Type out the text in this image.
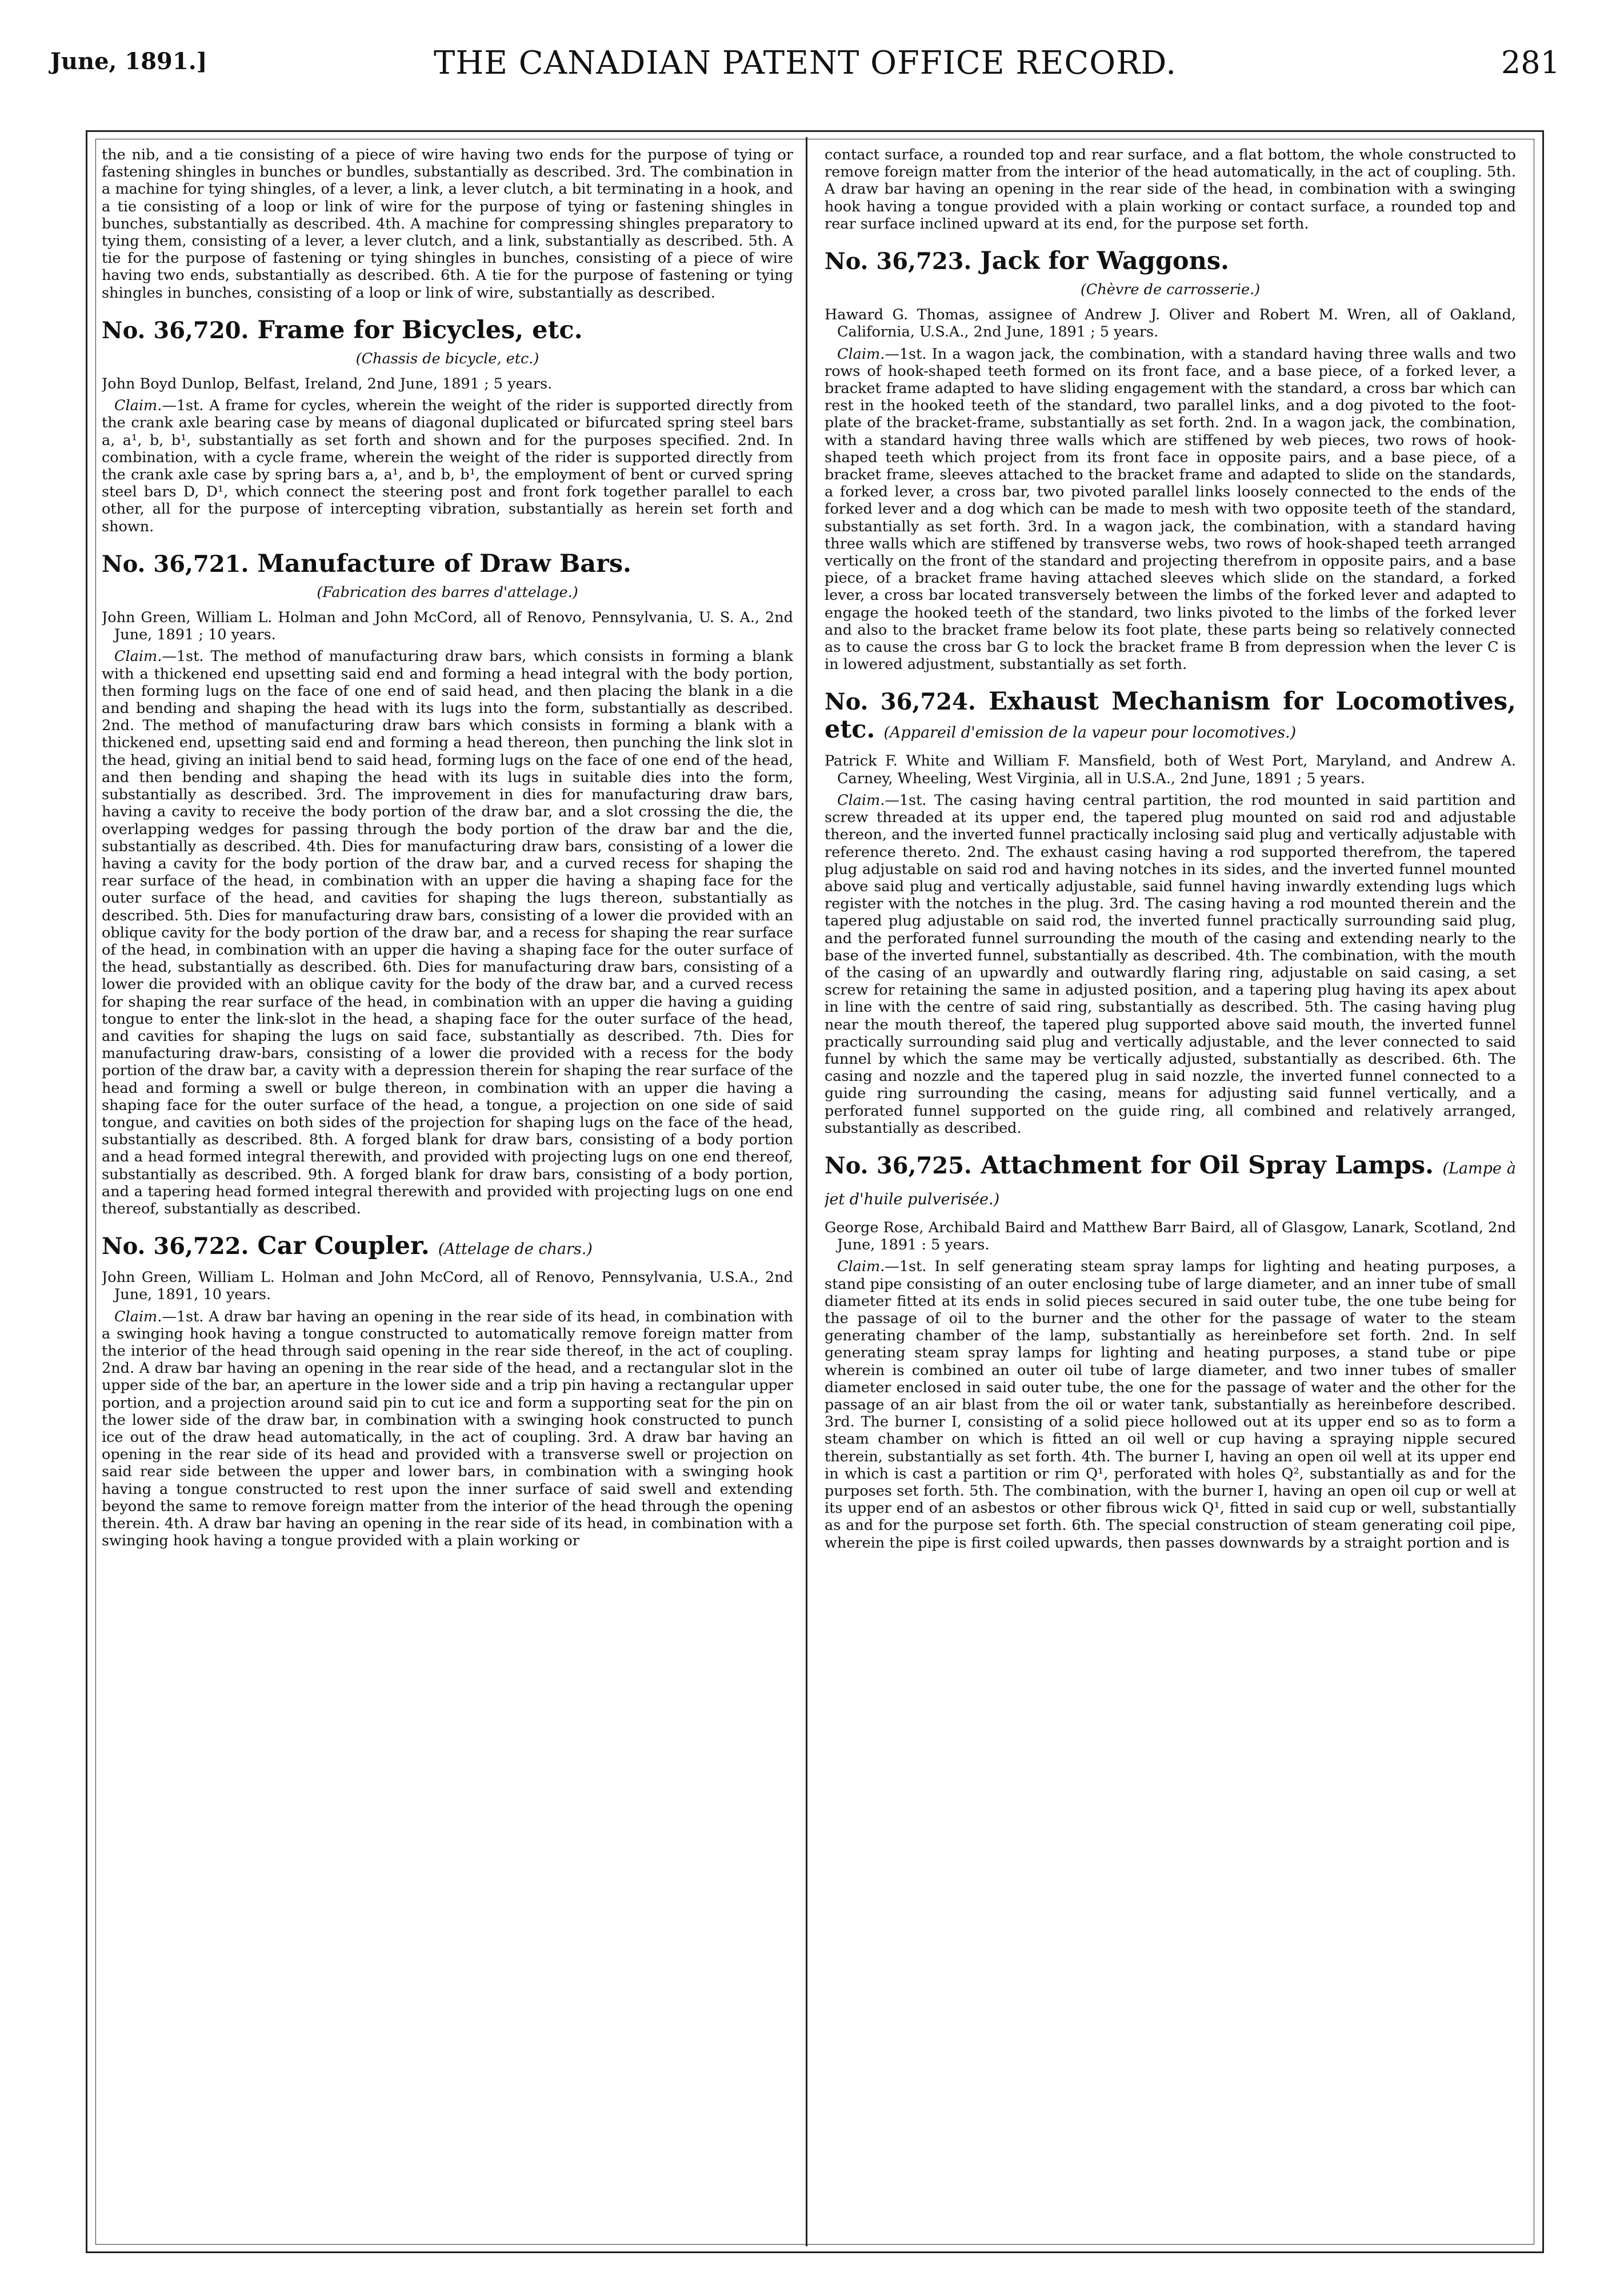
June, 1891.]	THE CANADIAN PATENT OFFICE RECORD.	281

the nib, and a tie consisting of a piece of wire having two ends for the purpose of tying or fastening shingles in bunches or bundles, substantially as described. 3rd. The combination in a machine for tying shingles, of a lever, a link, a lever clutch, a bit terminating in a hook, and a tie consisting of a loop or link of wire for the purpose of tying or fastening shingles in bunches, substantially as described. 4th. A machine for compressing shingles preparatory to tying them, consisting of a lever, a lever clutch, and a link, substantially as described. 5th. A tie for the purpose of fastening or tying shingles in bunches, consisting of a piece of wire having two ends, substantially as described. 6th. A tie for the purpose of fastening or tying shingles in bunches, consisting of a loop or link of wire, substantially as described.

No. 36,720. Frame for Bicycles, etc.
(Chassis de bicycle, etc.)

John Boyd Dunlop, Belfast, Ireland, 2nd June, 1891 ; 5 years.

Claim.—1st. A frame for cycles, wherein the weight of the rider is supported directly from the crank axle bearing case by means of diagonal duplicated or bifurcated spring steel bars a, a¹, b, b¹, substantially as set forth and shown and for the purposes specified. 2nd. In combination, with a cycle frame, wherein the weight of the rider is supported directly from the crank axle case by spring bars a, a¹, and b, b¹, the employment of bent or curved spring steel bars D, D¹, which connect the steering post and front fork together parallel to each other, all for the purpose of intercepting vibration, substantially as herein set forth and shown.

No. 36,721. Manufacture of Draw Bars.
(Fabrication des barres d'attelage.)

John Green, William L. Holman and John McCord, all of Renovo, Pennsylvania, U. S. A., 2nd June, 1891 ; 10 years.

Claim.—1st. The method of manufacturing draw bars, which consists in forming a blank with a thickened end upsetting said end and forming a head integral with the body portion, then forming lugs on the face of one end of said head, and then placing the blank in a die and bending and shaping the head with its lugs into the form, substantially as described. 2nd. The method of manufacturing draw bars which consists in forming a blank with a thickened end, upsetting said end and forming a head thereon, then punching the link slot in the head, giving an initial bend to said head, forming lugs on the face of one end of the head, and then bending and shaping the head with its lugs in suitable dies into the form, substantially as described. 3rd. The improvement in dies for manufacturing draw bars, having a cavity to receive the body portion of the draw bar, and a slot crossing the die, the overlapping wedges for passing through the body portion of the draw bar and the die, substantially as described. 4th. Dies for manufacturing draw bars, consisting of a lower die having a cavity for the body portion of the draw bar, and a curved recess for shaping the rear surface of the head, in combination with an upper die having a shaping face for the outer surface of the head, and cavities for shaping the lugs thereon, substantially as described. 5th. Dies for manufacturing draw bars, consisting of a lower die provided with an oblique cavity for the body portion of the draw bar, and a recess for shaping the rear surface of the head, in combination with an upper die having a shaping face for the outer surface of the head, substantially as described. 6th. Dies for manufacturing draw bars, consisting of a lower die provided with an oblique cavity for the body of the draw bar, and a curved recess for shaping the rear surface of the head, in combination with an upper die having a guiding tongue to enter the link-slot in the head, a shaping face for the outer surface of the head, and cavities for shaping the lugs on said face, substantially as described. 7th. Dies for manufacturing draw-bars, consisting of a lower die provided with a recess for the body portion of the draw bar, a cavity with a depression therein for shaping the rear surface of the head and forming a swell or bulge thereon, in combination with an upper die having a shaping face for the outer surface of the head, a tongue, a projection on one side of said tongue, and cavities on both sides of the projection for shaping lugs on the face of the head, substantially as described. 8th. A forged blank for draw bars, consisting of a body portion and a head formed integral therewith, and provided with projecting lugs on one end thereof, substantially as described. 9th. A forged blank for draw bars, consisting of a body portion, and a tapering head formed integral therewith and provided with projecting lugs on one end thereof, substantially as described.

No. 36,722. Car Coupler. (Attelage de chars.)

John Green, William L. Holman and John McCord, all of Renovo, Pennsylvania, U.S.A., 2nd June, 1891, 10 years.

Claim.—1st. A draw bar having an opening in the rear side of its head, in combination with a swinging hook having a tongue constructed to automatically remove foreign matter from the interior of the head through said opening in the rear side thereof, in the act of coupling. 2nd. A draw bar having an opening in the rear side of the head, and a rectangular slot in the upper side of the bar, an aperture in the lower side and a trip pin having a rectangular upper portion, and a projection around said pin to cut ice and form a supporting seat for the pin on the lower side of the draw bar, in combination with a swinging hook constructed to punch ice out of the draw head automatically, in the act of coupling. 3rd. A draw bar having an opening in the rear side of its head and provided with a transverse swell or projection on said rear side between the upper and lower bars, in combination with a swinging hook having a tongue constructed to rest upon the inner surface of said swell and extending beyond the same to remove foreign matter from the interior of the head through the opening therein. 4th. A draw bar having an opening in the rear side of its head, in combination with a swinging hook having a tongue provided with a plain working or

contact surface, a rounded top and rear surface, and a flat bottom, the whole constructed to remove foreign matter from the interior of the head automatically, in the act of coupling. 5th. A draw bar having an opening in the rear side of the head, in combination with a swinging hook having a tongue provided with a plain working or contact surface, a rounded top and rear surface inclined upward at its end, for the purpose set forth.

No. 36,723. Jack for Waggons.
(Chèvre de carrosserie.)

Haward G. Thomas, assignee of Andrew J. Oliver and Robert M. Wren, all of Oakland, California, U.S.A., 2nd June, 1891 ; 5 years.

Claim.—1st. In a wagon jack, the combination, with a standard having three walls and two rows of hook-shaped teeth formed on its front face, and a base piece, of a forked lever, a bracket frame adapted to have sliding engagement with the standard, a cross bar which can rest in the hooked teeth of the standard, two parallel links, and a dog pivoted to the foot-plate of the bracket-frame, substantially as set forth. 2nd. In a wagon jack, the combination, with a standard having three walls which are stiffened by web pieces, two rows of hook-shaped teeth which project from its front face in opposite pairs, and a base piece, of a bracket frame, sleeves attached to the bracket frame and adapted to slide on the standards, a forked lever, a cross bar, two pivoted parallel links loosely connected to the ends of the forked lever and a dog which can be made to mesh with two opposite teeth of the standard, substantially as set forth. 3rd. In a wagon jack, the combination, with a standard having three walls which are stiffened by transverse webs, two rows of hook-shaped teeth arranged vertically on the front of the standard and projecting therefrom in opposite pairs, and a base piece, of a bracket frame having attached sleeves which slide on the standard, a forked lever, a cross bar located transversely between the limbs of the forked lever and adapted to engage the hooked teeth of the standard, two links pivoted to the limbs of the forked lever and also to the bracket frame below its foot plate, these parts being so relatively connected as to cause the cross bar G to lock the bracket frame B from depression when the lever C is in lowered adjustment, substantially as set forth.

No. 36,724. Exhaust Mechanism for Locomotives, etc. (Appareil d'emission de la vapeur pour locomotives.)

Patrick F. White and William F. Mansfield, both of West Port, Maryland, and Andrew A. Carney, Wheeling, West Virginia, all in U.S.A., 2nd June, 1891 ; 5 years.

Claim.—1st. The casing having central partition, the rod mounted in said partition and screw threaded at its upper end, the tapered plug mounted on said rod and adjustable thereon, and the inverted funnel practically inclosing said plug and vertically adjustable with reference thereto. 2nd. The exhaust casing having a rod supported therefrom, the tapered plug adjustable on said rod and having notches in its sides, and the inverted funnel mounted above said plug and vertically adjustable, said funnel having inwardly extending lugs which register with the notches in the plug. 3rd. The casing having a rod mounted therein and the tapered plug adjustable on said rod, the inverted funnel practically surrounding said plug, and the perforated funnel surrounding the mouth of the casing and extending nearly to the base of the inverted funnel, substantially as described. 4th. The combination, with the mouth of the casing of an upwardly and outwardly flaring ring, adjustable on said casing, a set screw for retaining the same in adjusted position, and a tapering plug having its apex about in line with the centre of said ring, substantially as described. 5th. The casing having plug near the mouth thereof, the tapered plug supported above said mouth, the inverted funnel practically surrounding said plug and vertically adjustable, and the lever connected to said funnel by which the same may be vertically adjusted, substantially as described. 6th. The casing and nozzle and the tapered plug in said nozzle, the inverted funnel connected to a guide ring surrounding the casing, means for adjusting said funnel vertically, and a perforated funnel supported on the guide ring, all combined and relatively arranged, substantially as described.

No. 36,725. Attachment for Oil Spray Lamps. (Lampe à jet d'huile pulverisée.)

George Rose, Archibald Baird and Matthew Barr Baird, all of Glasgow, Lanark, Scotland, 2nd June, 1891 : 5 years.

Claim.—1st. In self generating steam spray lamps for lighting and heating purposes, a stand pipe consisting of an outer enclosing tube of large diameter, and an inner tube of small diameter fitted at its ends in solid pieces secured in said outer tube, the one tube being for the passage of oil to the burner and the other for the passage of water to the steam generating chamber of the lamp, substantially as hereinbefore set forth. 2nd. In self generating steam spray lamps for lighting and heating purposes, a stand tube or pipe wherein is combined an outer oil tube of large diameter, and two inner tubes of smaller diameter enclosed in said outer tube, the one for the passage of water and the other for the passage of an air blast from the oil or water tank, substantially as hereinbefore described. 3rd. The burner I, consisting of a solid piece hollowed out at its upper end so as to form a steam chamber on which is fitted an oil well or cup having a spraying nipple secured therein, substantially as set forth. 4th. The burner I, having an open oil well at its upper end in which is cast a partition or rim Q¹, perforated with holes Q², substantially as and for the purposes set forth. 5th. The combination, with the burner I, having an open oil cup or well at its upper end of an asbestos or other fibrous wick Q¹, fitted in said cup or well, substantially as and for the purpose set forth. 6th. The special construction of steam generating coil pipe, wherein the pipe is first coiled upwards, then passes downwards by a straight portion and is
